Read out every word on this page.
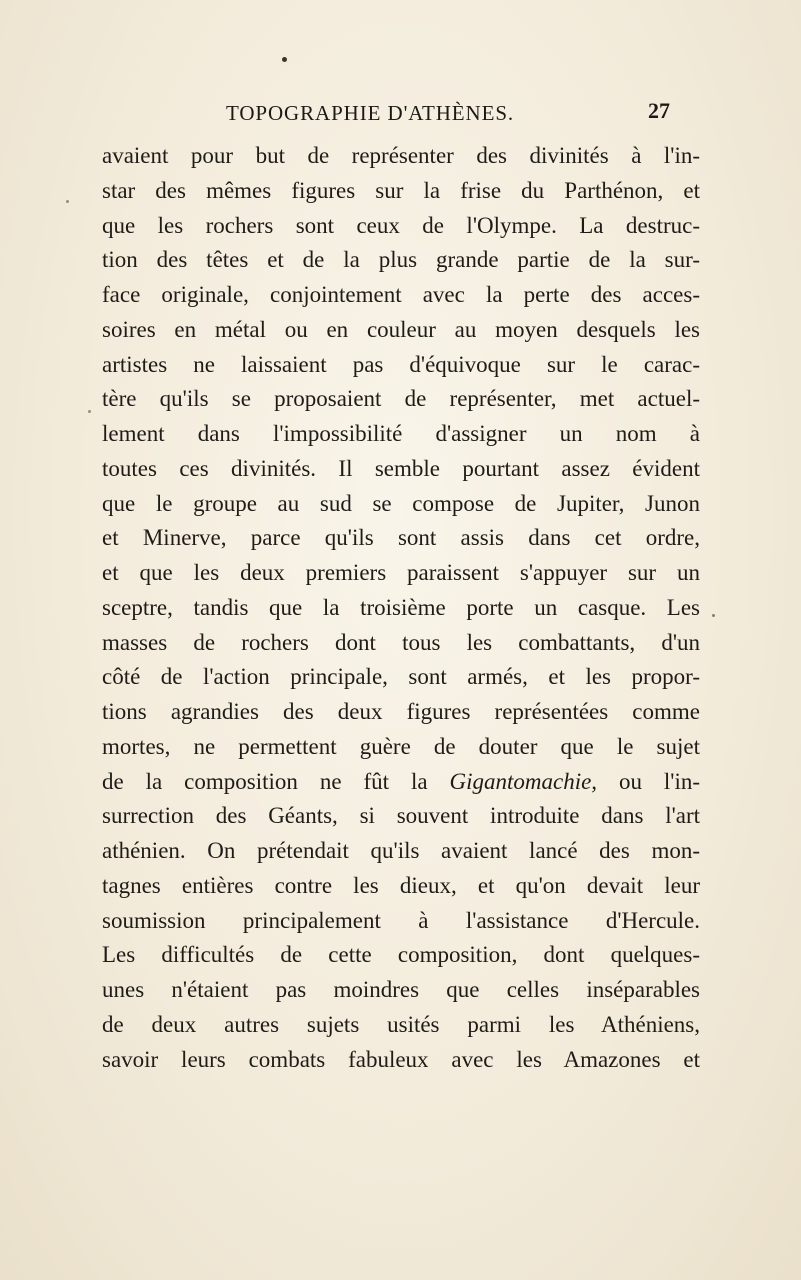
TOPOGRAPHIE D'ATHÈNES.	27
avaient pour but de représenter des divinités à l'in-
star des mêmes figures sur la frise du Parthénon, et
que les rochers sont ceux de l'Olympe. La destruc-
tion des têtes et de la plus grande partie de la sur-
face originale, conjointement avec la perte des acces-
soires en métal ou en couleur au moyen desquels les
artistes ne laissaient pas d'équivoque sur le carac-
tère qu'ils se proposaient de représenter, met actuel-
lement dans l'impossibilité d'assigner un nom à
toutes ces divinités. Il semble pourtant assez évident
que le groupe au sud se compose de Jupiter, Junon
et Minerve, parce qu'ils sont assis dans cet ordre,
et que les deux premiers paraissent s'appuyer sur un
sceptre, tandis que la troisième porte un casque. Les
masses de rochers dont tous les combattants, d'un
côté de l'action principale, sont armés, et les propor-
tions agrandies des deux figures représentées comme
mortes, ne permettent guère de douter que le sujet
de la composition ne fût la Gigantomachie, ou l'in-
surrection des Géants, si souvent introduite dans l'art
athénien. On prétendait qu'ils avaient lancé des mon-
tagnes entières contre les dieux, et qu'on devait leur
soumission principalement à l'assistance d'Hercule.
Les difficultés de cette composition, dont quelques-
unes n'étaient pas moindres que celles inséparables
de deux autres sujets usités parmi les Athéniens,
savoir leurs combats fabuleux avec les Amazones et
